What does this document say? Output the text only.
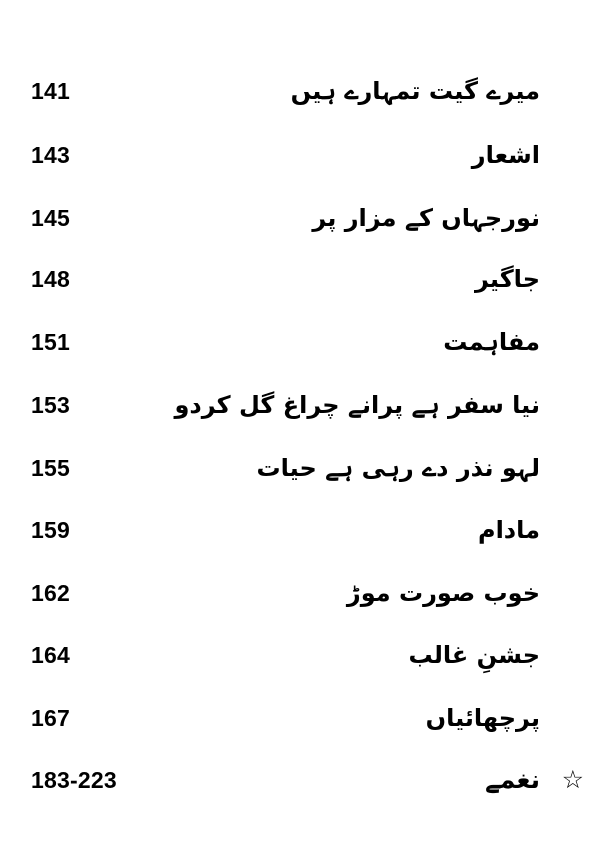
میرے گیت تمہارے ہیں
141
اشعار
143
نورجہاں کے مزار پر
145
جاگیر
148
مفاہمت
151
نیا سفر ہے پرانے چراغ گل کردو
153
لہو نذر دے رہی ہے حیات
155
مادام
159
خوب صورت موڑ
162
جشنِ غالب
164
پرچھائیاں
167
☆
نغمے
183-223
